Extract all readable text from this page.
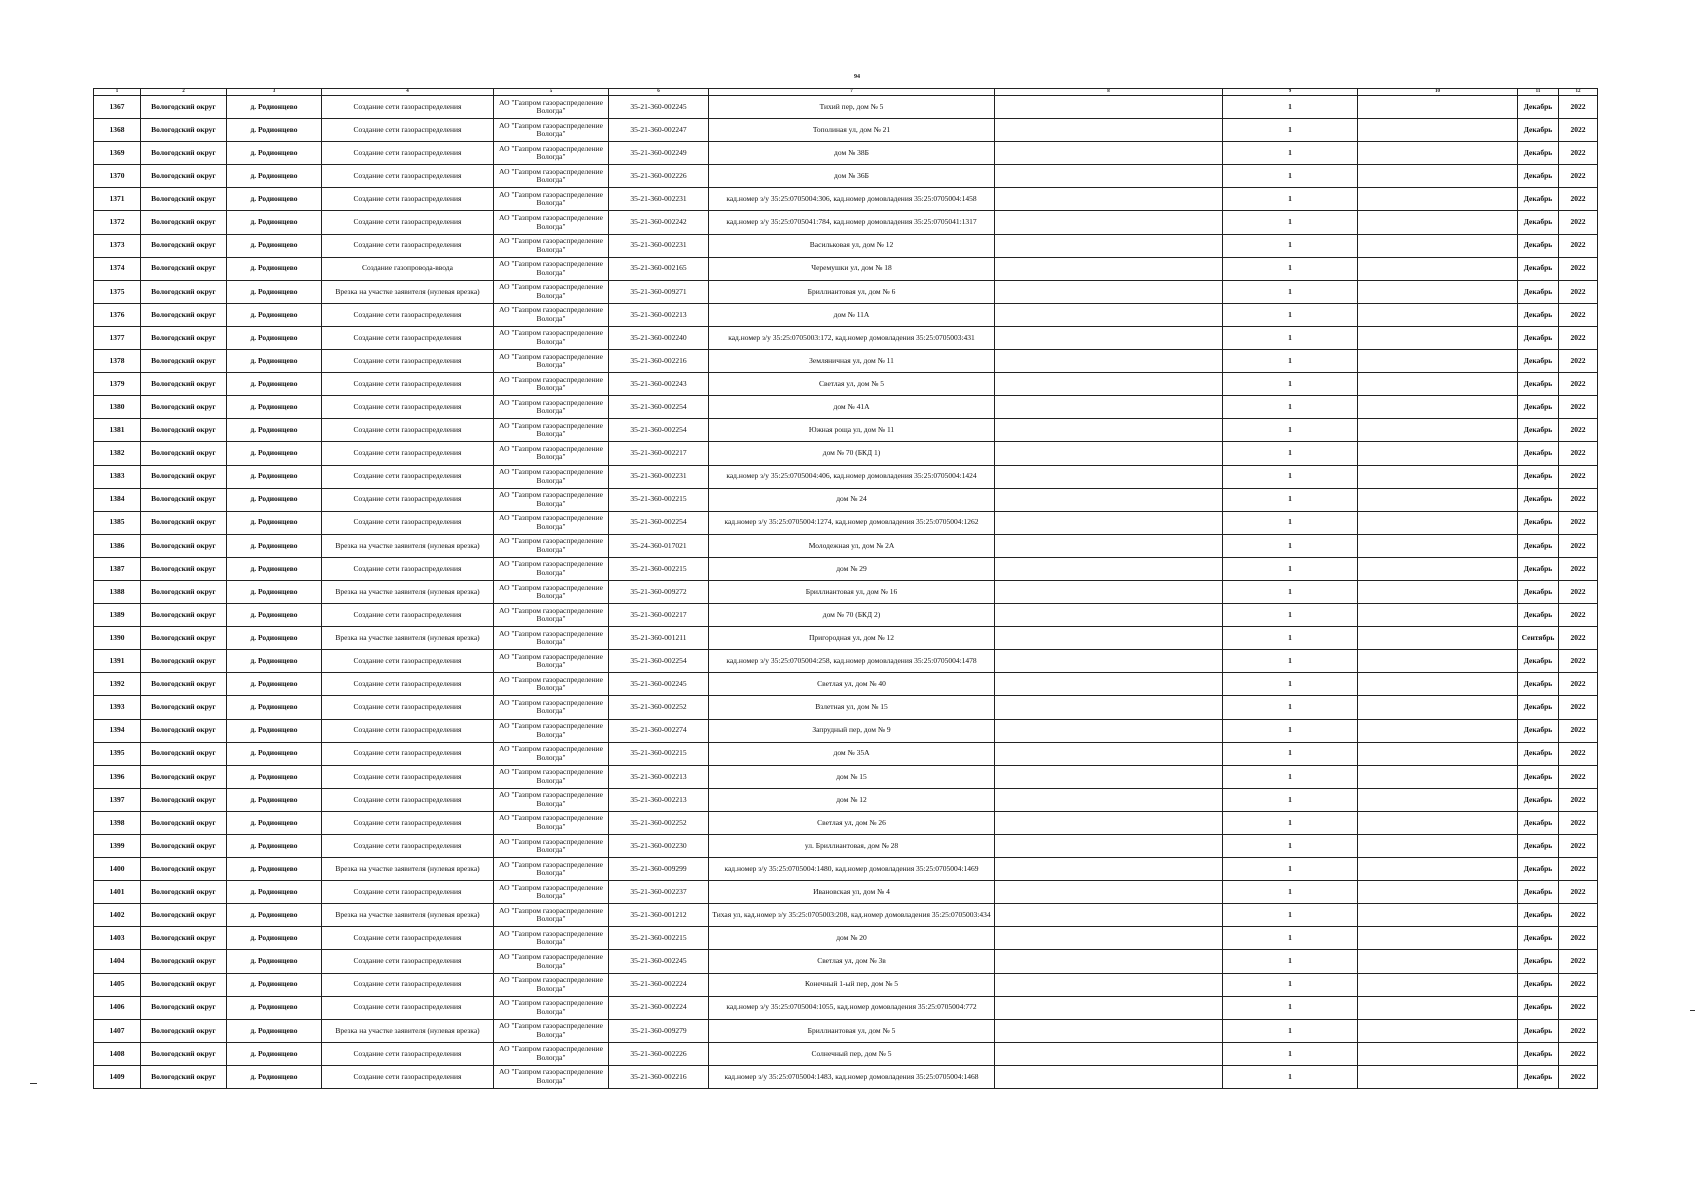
94
1	2	3	4	5	6	7	8	9	10	11	12
1367	Вологодский округ	д. Родионцево	Создание сети газораспределения	АО "Газпром газораспределение Вологда"	35-21-360-002245	Тихий пер, дом № 5		1		Декабрь	2022
1368	Вологодский округ	д. Родионцево	Создание сети газораспределения	АО "Газпром газораспределение Вологда"	35-21-360-002247	Тополиная ул, дом № 21		1		Декабрь	2022
1369	Вологодский округ	д. Родионцево	Создание сети газораспределения	АО "Газпром газораспределение Вологда"	35-21-360-002249	дом № 38Б		1		Декабрь	2022
1370	Вологодский округ	д. Родионцево	Создание сети газораспределения	АО "Газпром газораспределение Вологда"	35-21-360-002226	дом № 36Б		1		Декабрь	2022
1371	Вологодский округ	д. Родионцево	Создание сети газораспределения	АО "Газпром газораспределение Вологда"	35-21-360-002231	кад.номер з/у 35:25:0705004:306, кад.номер домовладения 35:25:0705004:1458		1		Декабрь	2022
1372	Вологодский округ	д. Родионцево	Создание сети газораспределения	АО "Газпром газораспределение Вологда"	35-21-360-002242	кад.номер з/у 35:25:0705041:784, кад.номер домовладения 35:25:0705041:1317		1		Декабрь	2022
1373	Вологодский округ	д. Родионцево	Создание сети газораспределения	АО "Газпром газораспределение Вологда"	35-21-360-002231	Васильковая ул, дом № 12		1		Декабрь	2022
1374	Вологодский округ	д. Родионцево	Создание газопровода-ввода	АО "Газпром газораспределение Вологда"	35-21-360-002165	Черемушки ул, дом № 18		1		Декабрь	2022
1375	Вологодский округ	д. Родионцево	Врезка на участке заявителя (нулевая врезка)	АО "Газпром газораспределение Вологда"	35-21-360-009271	Бриллиантовая ул, дом № 6		1		Декабрь	2022
1376	Вологодский округ	д. Родионцево	Создание сети газораспределения	АО "Газпром газораспределение Вологда"	35-21-360-002213	дом № 11А		1		Декабрь	2022
1377	Вологодский округ	д. Родионцево	Создание сети газораспределения	АО "Газпром газораспределение Вологда"	35-21-360-002240	кад.номер з/у 35:25:0705003:172, кад.номер домовладения 35:25:0705003:431		1		Декабрь	2022
1378	Вологодский округ	д. Родионцево	Создание сети газораспределения	АО "Газпром газораспределение Вологда"	35-21-360-002216	Земляничная ул, дом № 11		1		Декабрь	2022
1379	Вологодский округ	д. Родионцево	Создание сети газораспределения	АО "Газпром газораспределение Вологда"	35-21-360-002243	Светлая ул, дом № 5		1		Декабрь	2022
1380	Вологодский округ	д. Родионцево	Создание сети газораспределения	АО "Газпром газораспределение Вологда"	35-21-360-002254	дом № 41А		1		Декабрь	2022
1381	Вологодский округ	д. Родионцево	Создание сети газораспределения	АО "Газпром газораспределение Вологда"	35-21-360-002254	Южная роща ул, дом № 11		1		Декабрь	2022
1382	Вологодский округ	д. Родионцево	Создание сети газораспределения	АО "Газпром газораспределение Вологда"	35-21-360-002217	дом № 70 (БКД 1)		1		Декабрь	2022
1383	Вологодский округ	д. Родионцево	Создание сети газораспределения	АО "Газпром газораспределение Вологда"	35-21-360-002231	кад.номер з/у 35:25:0705004:406, кад.номер домовладения 35:25:0705004:1424		1		Декабрь	2022
1384	Вологодский округ	д. Родионцево	Создание сети газораспределения	АО "Газпром газораспределение Вологда"	35-21-360-002215	дом № 24		1		Декабрь	2022
1385	Вологодский округ	д. Родионцево	Создание сети газораспределения	АО "Газпром газораспределение Вологда"	35-21-360-002254	кад.номер з/у 35:25:0705004:1274, кад.номер домовладения 35:25:0705004:1262		1		Декабрь	2022
1386	Вологодский округ	д. Родионцево	Врезка на участке заявителя (нулевая врезка)	АО "Газпром газораспределение Вологда"	35-24-360-017021	Молодежная ул, дом № 2А		1		Декабрь	2022
1387	Вологодский округ	д. Родионцево	Создание сети газораспределения	АО "Газпром газораспределение Вологда"	35-21-360-002215	дом № 29		1		Декабрь	2022
1388	Вологодский округ	д. Родионцево	Врезка на участке заявителя (нулевая врезка)	АО "Газпром газораспределение Вологда"	35-21-360-009272	Бриллиантовая ул, дом № 16		1		Декабрь	2022
1389	Вологодский округ	д. Родионцево	Создание сети газораспределения	АО "Газпром газораспределение Вологда"	35-21-360-002217	дом № 70 (БКД 2)		1		Декабрь	2022
1390	Вологодский округ	д. Родионцево	Врезка на участке заявителя (нулевая врезка)	АО "Газпром газораспределение Вологда"	35-21-360-001211	Пригородная ул, дом № 12		1		Сентябрь	2022
1391	Вологодский округ	д. Родионцево	Создание сети газораспределения	АО "Газпром газораспределение Вологда"	35-21-360-002254	кад.номер з/у 35:25:0705004:258, кад.номер домовладения 35:25:0705004:1478		1		Декабрь	2022
1392	Вологодский округ	д. Родионцево	Создание сети газораспределения	АО "Газпром газораспределение Вологда"	35-21-360-002245	Светлая ул, дом № 40		1		Декабрь	2022
1393	Вологодский округ	д. Родионцево	Создание сети газораспределения	АО "Газпром газораспределение Вологда"	35-21-360-002252	Взлетная ул, дом № 15		1		Декабрь	2022
1394	Вологодский округ	д. Родионцево	Создание сети газораспределения	АО "Газпром газораспределение Вологда"	35-21-360-002274	Запрудный пер, дом № 9		1		Декабрь	2022
1395	Вологодский округ	д. Родионцево	Создание сети газораспределения	АО "Газпром газораспределение Вологда"	35-21-360-002215	дом № 35А		1		Декабрь	2022
1396	Вологодский округ	д. Родионцево	Создание сети газораспределения	АО "Газпром газораспределение Вологда"	35-21-360-002213	дом № 15		1		Декабрь	2022
1397	Вологодский округ	д. Родионцево	Создание сети газораспределения	АО "Газпром газораспределение Вологда"	35-21-360-002213	дом № 12		1		Декабрь	2022
1398	Вологодский округ	д. Родионцево	Создание сети газораспределения	АО "Газпром газораспределение Вологда"	35-21-360-002252	Светлая ул, дом № 26		1		Декабрь	2022
1399	Вологодский округ	д. Родионцево	Создание сети газораспределения	АО "Газпром газораспределение Вологда"	35-21-360-002230	ул. Бриллиантовая, дом № 28		1		Декабрь	2022
1400	Вологодский округ	д. Родионцево	Врезка на участке заявителя (нулевая врезка)	АО "Газпром газораспределение Вологда"	35-21-360-009299	кад.номер з/у 35:25:0705004:1480, кад.номер домовладения 35:25:0705004:1469		1		Декабрь	2022
1401	Вологодский округ	д. Родионцево	Создание сети газораспределения	АО "Газпром газораспределение Вологда"	35-21-360-002237	Ивановская ул, дом № 4		1		Декабрь	2022
1402	Вологодский округ	д. Родионцево	Врезка на участке заявителя (нулевая врезка)	АО "Газпром газораспределение Вологда"	35-21-360-001212	Тихая ул, кад.номер з/у 35:25:0705003:208, кад.номер домовладения 35:25:0705003:434		1		Декабрь	2022
1403	Вологодский округ	д. Родионцево	Создание сети газораспределения	АО "Газпром газораспределение Вологда"	35-21-360-002215	дом № 20		1		Декабрь	2022
1404	Вологодский округ	д. Родионцево	Создание сети газораспределения	АО "Газпром газораспределение Вологда"	35-21-360-002245	Светлая ул, дом № 3в		1		Декабрь	2022
1405	Вологодский округ	д. Родионцево	Создание сети газораспределения	АО "Газпром газораспределение Вологда"	35-21-360-002224	Конечный 1-ый пер, дом № 5		1		Декабрь	2022
1406	Вологодский округ	д. Родионцево	Создание сети газораспределения	АО "Газпром газораспределение Вологда"	35-21-360-002224	кад.номер з/у 35:25:0705004:1055, кад.номер домовладения 35:25:0705004:772		1		Декабрь	2022
1407	Вологодский округ	д. Родионцево	Врезка на участке заявителя (нулевая врезка)	АО "Газпром газораспределение Вологда"	35-21-360-009279	Бриллиантовая ул, дом № 5		1		Декабрь	2022
1408	Вологодский округ	д. Родионцево	Создание сети газораспределения	АО "Газпром газораспределение Вологда"	35-21-360-002226	Солнечный пер, дом № 5		1		Декабрь	2022
1409	Вологодский округ	д. Родионцево	Создание сети газораспределения	АО "Газпром газораспределение Вологда"	35-21-360-002216	кад.номер з/у 35:25:0705004:1483, кад.номер домовладения 35:25:0705004:1468		1		Декабрь	2022
